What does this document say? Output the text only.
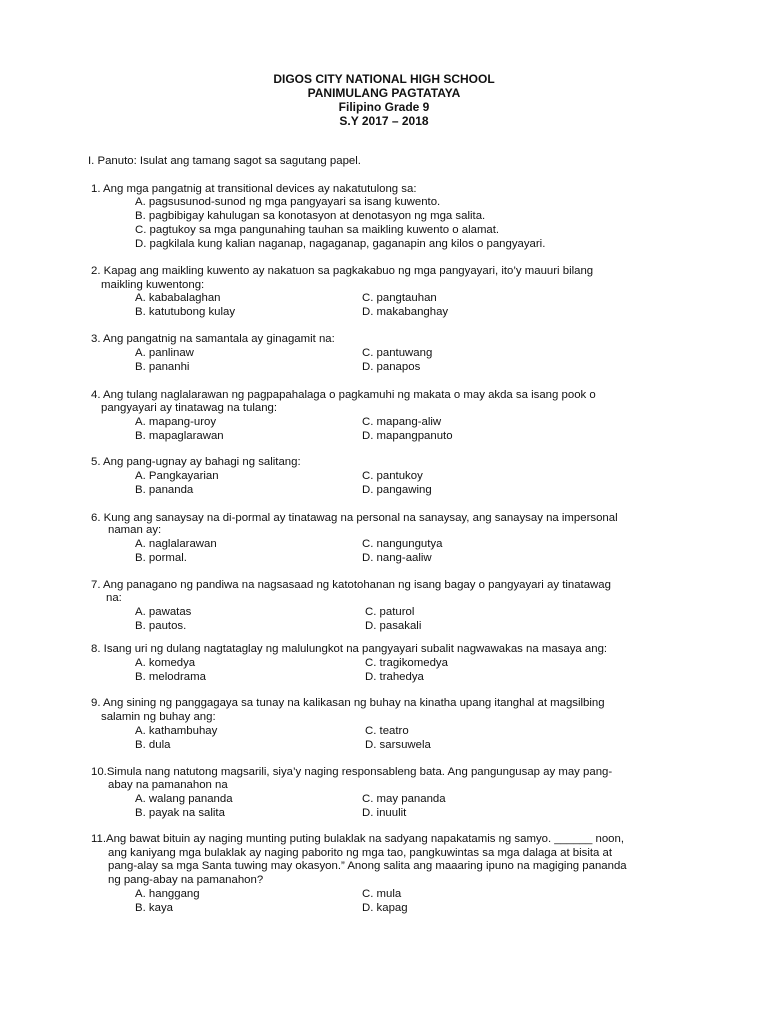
DIGOS CITY NATIONAL HIGH SCHOOL
PANIMULANG PAGTATAYA
Filipino Grade 9
S.Y 2017 – 2018
I. Panuto: Isulat ang tamang sagot sa sagutang papel.
1. Ang mga pangatnig at transitional devices ay nakatutulong sa:
A. pagsusunod-sunod ng mga pangyayari sa isang kuwento.
B. pagbibigay kahulugan sa konotasyon at denotasyon ng mga salita.
C. pagtukoy sa mga pangunahing tauhan sa maikling kuwento o alamat.
D. pagkilala kung kalian naganap, nagaganap, gaganapin ang kilos o pangyayari.
2. Kapag ang maikling kuwento ay nakatuon sa pagkakabuo ng mga pangyayari, ito’y mauuri bilang
maikling kuwentong:
A. kababalaghan	C. pangtauhan
B. katutubong kulay	D. makabanghay
3. Ang pangatnig na samantala ay ginagamit na:
A. panlinaw	C. pantuwang
B. pananhi	D. panapos
4. Ang tulang naglalarawan ng pagpapahalaga o pagkamuhi ng makata o may akda sa isang pook o
pangyayari ay tinatawag na tulang:
A. mapang-uroy	C. mapang-aliw
B. mapaglarawan	D. mapangpanuto
5. Ang pang-ugnay ay bahagi ng salitang:
A. Pangkayarian	C. pantukoy
B. pananda	D. pangawing
6. Kung ang sanaysay na di-pormal ay tinatawag na personal na sanaysay, ang sanaysay na impersonal
naman ay:
A. naglalarawan	C. nangungutya
B. pormal.	D. nang-aaliw
7. Ang panagano ng pandiwa na nagsasaad ng katotohanan ng isang bagay o pangyayari ay tinatawag
na:
A. pawatas	C. paturol
B. pautos.	D. pasakali
8. Isang uri ng dulang nagtataglay ng malulungkot na pangyayari subalit nagwawakas na masaya ang:
A. komedya	C. tragikomedya
B. melodrama	D. trahedya
9. Ang sining ng panggagaya sa tunay na kalikasan ng buhay na kinatha upang itanghal at magsilbing
salamin ng buhay ang:
A. kathambuhay	C. teatro
B. dula	D. sarsuwela
10.Simula nang natutong magsarili, siya’y naging responsableng bata. Ang pangungusap ay may pang-
abay na pamanahon na
A. walang pananda	C. may pananda
B. payak na salita	D. inuulit
11.Ang bawat bituin ay naging munting puting bulaklak na sadyang napakatamis ng samyo. ______ noon,
ang kaniyang mga bulaklak ay naging paborito ng mga tao, pangkuwintas sa mga dalaga at bisita at
pang-alay sa mga Santa tuwing may okasyon.” Anong salita ang maaaring ipuno na magiging pananda
ng pang-abay na pamanahon?
A. hanggang	C. mula
B. kaya	D. kapag
